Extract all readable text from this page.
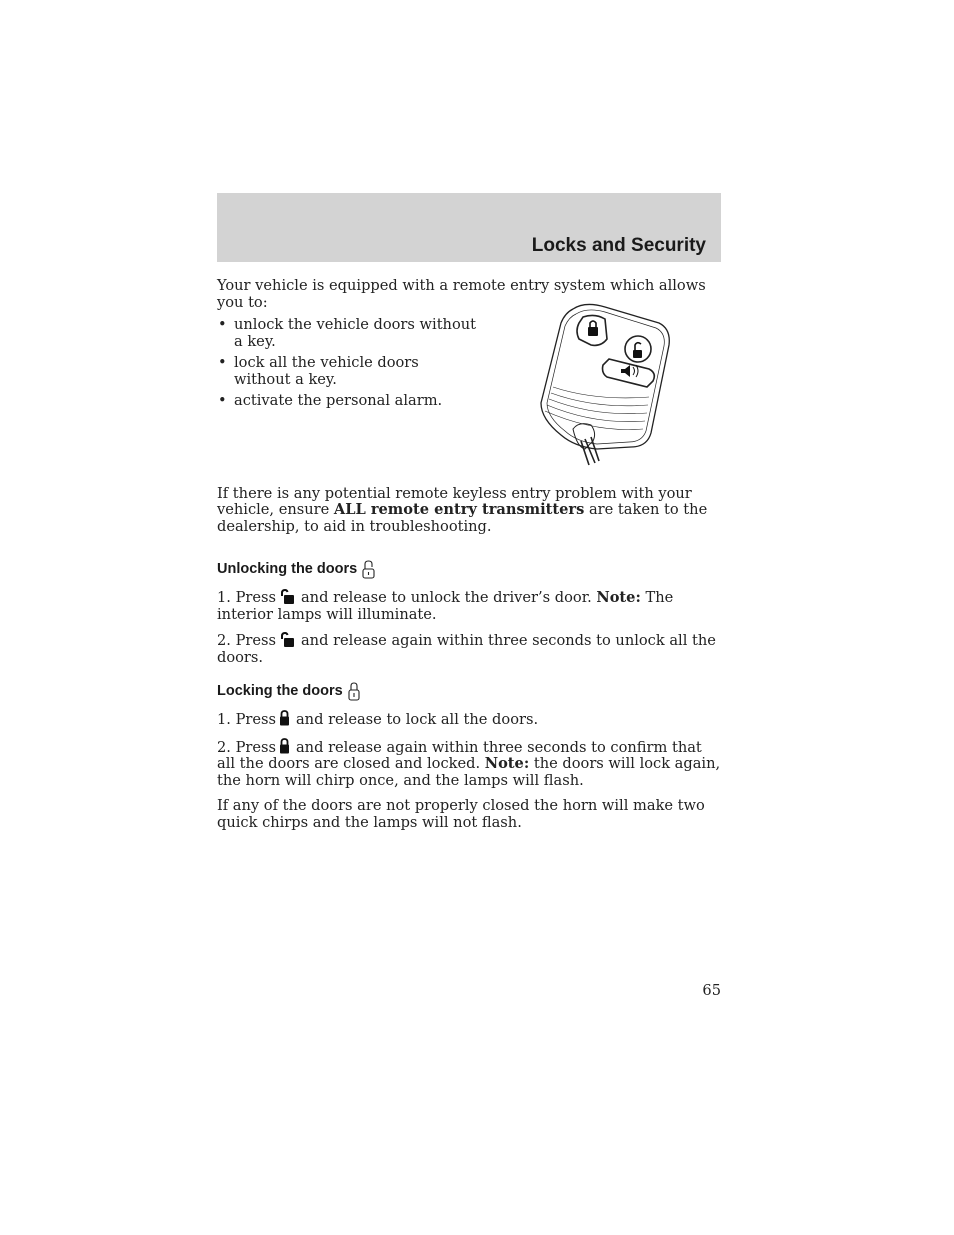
Locks and Security

Your vehicle is equipped with a remote entry system which allows you to:

• unlock the vehicle doors without a key.
• lock all the vehicle doors without a key.
• activate the personal alarm.

If there is any potential remote keyless entry problem with your vehicle, ensure ALL remote entry transmitters are taken to the dealership, to aid in troubleshooting.

Unlocking the doors

1. Press and release to unlock the driver’s door. Note: The interior lamps will illuminate.

2. Press and release again within three seconds to unlock all the doors.

Locking the doors

1. Press and release to lock all the doors.

2. Press and release again within three seconds to confirm that all the doors are closed and locked. Note: the doors will lock again, the horn will chirp once, and the lamps will flash.

If any of the doors are not properly closed the horn will make two quick chirps and the lamps will not flash.

65
